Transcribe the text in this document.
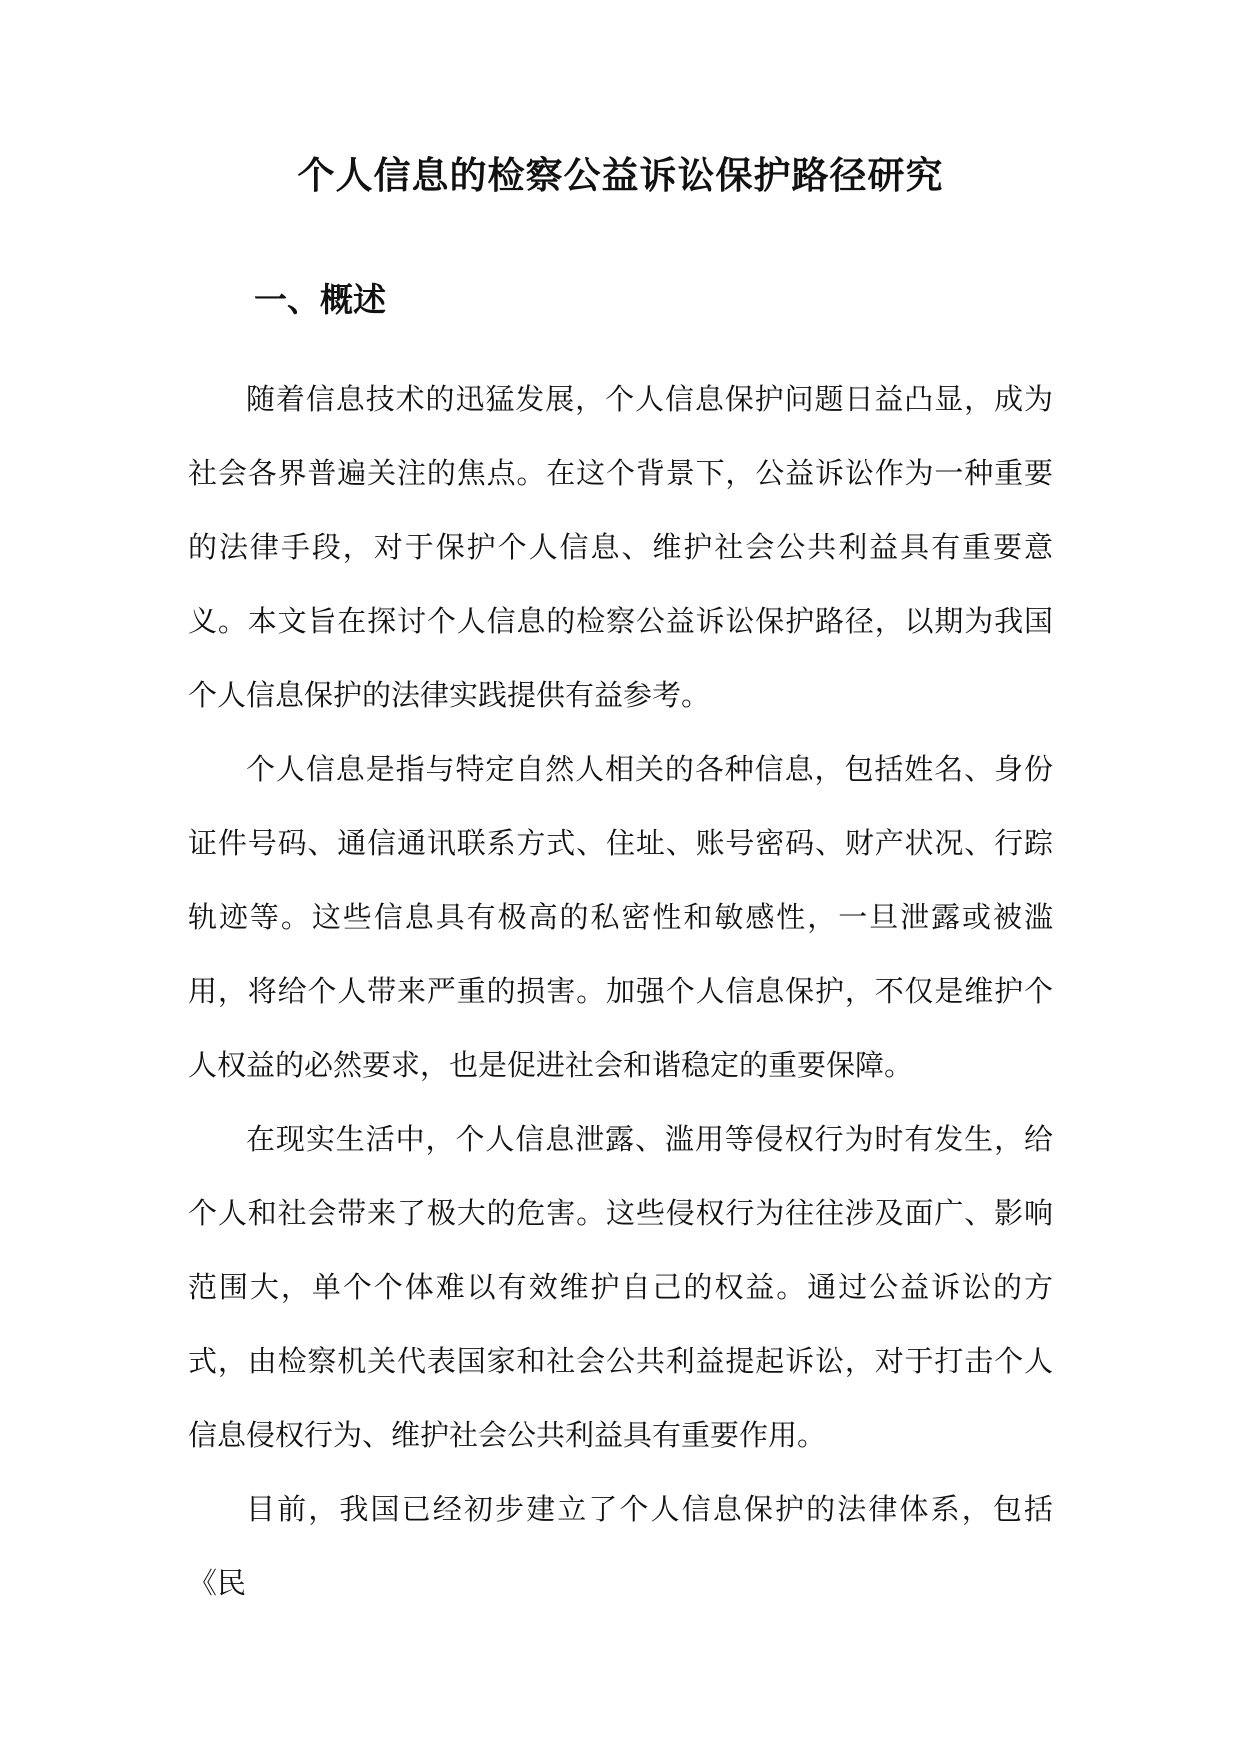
个人信息的检察公益诉讼保护路径研究
一、概述

随着信息技术的迅猛发展，个人信息保护问题日益凸显，成为社会各界普遍关注的焦点。在这个背景下，公益诉讼作为一种重要的法律手段，对于保护个人信息、维护社会公共利益具有重要意义。本文旨在探讨个人信息的检察公益诉讼保护路径，以期为我国个人信息保护的法律实践提供有益参考。

个人信息是指与特定自然人相关的各种信息，包括姓名、身份证件号码、通信通讯联系方式、住址、账号密码、财产状况、行踪轨迹等。这些信息具有极高的私密性和敏感性，一旦泄露或被滥用，将给个人带来严重的损害。加强个人信息保护，不仅是维护个人权益的必然要求，也是促进社会和谐稳定的重要保障。

在现实生活中，个人信息泄露、滥用等侵权行为时有发生，给个人和社会带来了极大的危害。这些侵权行为往往涉及面广、影响范围大，单个个体难以有效维护自己的权益。通过公益诉讼的方式，由检察机关代表国家和社会公共利益提起诉讼，对于打击个人信息侵权行为、维护社会公共利益具有重要作用。

目前，我国已经初步建立了个人信息保护的法律体系，包括《民
